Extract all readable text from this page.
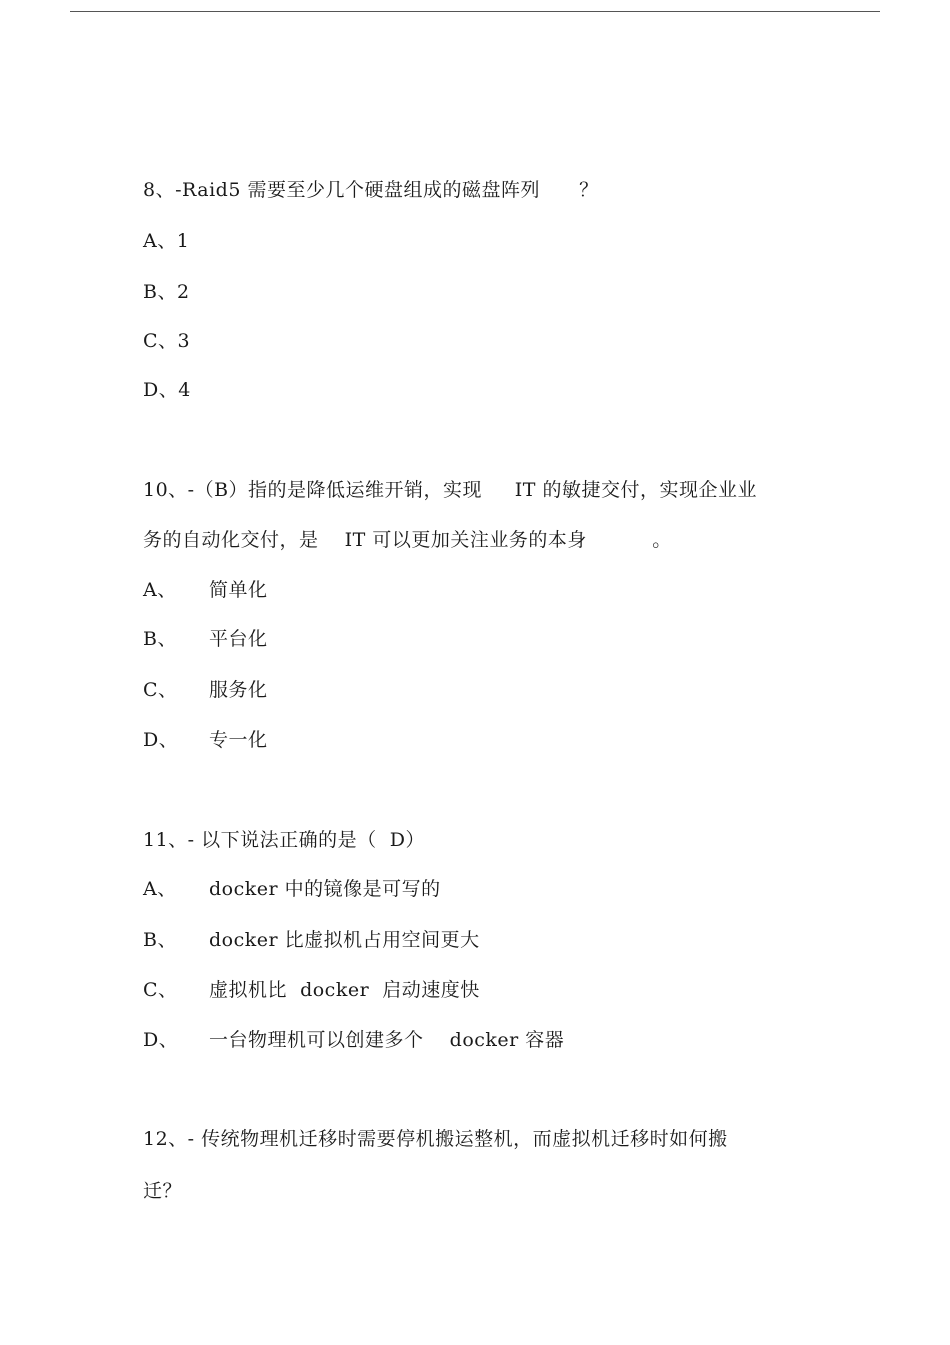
8、-Raid5 需要至少几个硬盘组成的磁盘阵列      ？
A、1
B、2
C、3
D、4
10、-（B）指的是降低运维开销，实现     IT 的敏捷交付，实现企业业
务的自动化交付，是    IT 可以更加关注业务的本身          。
A、 简单化
B、 平台化
C、 服务化
D、 专一化
11、- 以下说法正确的是（  D）
A、 docker 中的镜像是可写的
B、 docker 比虚拟机占用空间更大
C、 虚拟机比  docker  启动速度快
D、 一台物理机可以创建多个    docker 容器
12、- 传统物理机迁移时需要停机搬运整机，而虚拟机迁移时如何搬
迁？
